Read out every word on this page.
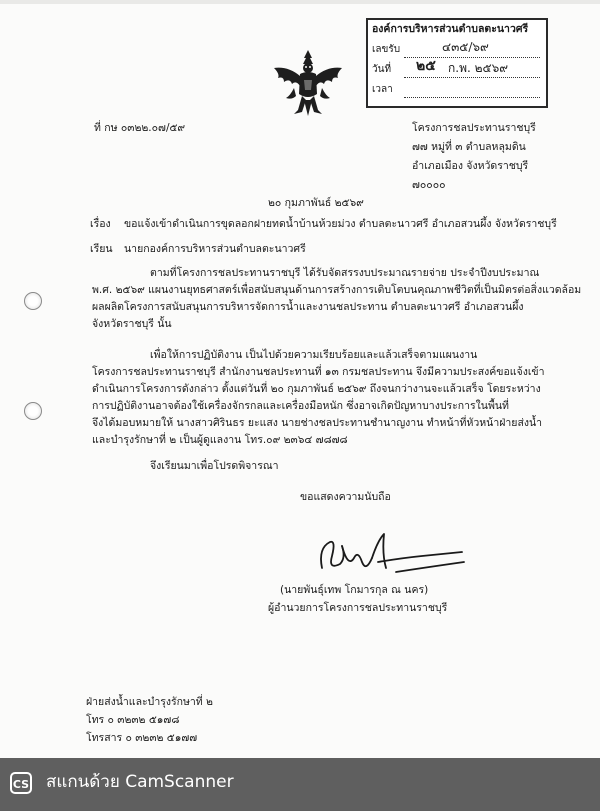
องค์การบริหารส่วนตำบลตะนาวศรี
เลขรับ	๔๓๕/๖๙
วันที่ ๒๕ ก.พ. ๒๕๖๙
เวลา
ที่ กษ ๐๓๒๒.๐๗/๕๙	โครงการชลประทานราชบุรี
๗๗ หมู่ที่ ๓ ตำบลหลุมดิน
อำเภอเมือง จังหวัดราชบุรี
๗๐๐๐๐
๒๐ กุมภาพันธ์ ๒๕๖๙
เรื่อง ขอแจ้งเข้าดำเนินการขุดลอกฝายทดน้ำบ้านห้วยม่วง ตำบลตะนาวศรี อำเภอสวนผึ้ง จังหวัดราชบุรี
เรียน นายกองค์การบริหารส่วนตำบลตะนาวศรี
ตามที่โครงการชลประทานราชบุรี ได้รับจัดสรรงบประมาณรายจ่าย ประจำปีงบประมาณ
พ.ศ. ๒๕๖๙ แผนงานยุทธศาสตร์เพื่อสนับสนุนด้านการสร้างการเติบโตบนคุณภาพชีวิตที่เป็นมิตรต่อสิ่งแวดล้อม
ผลผลิตโครงการสนับสนุนการบริหารจัดการน้ำและงานชลประทาน ตำบลตะนาวศรี อำเภอสวนผึ้ง
จังหวัดราชบุรี นั้น
เพื่อให้การปฏิบัติงาน เป็นไปด้วยความเรียบร้อยและแล้วเสร็จตามแผนงาน
โครงการชลประทานราชบุรี สำนักงานชลประทานที่ ๑๓ กรมชลประทาน จึงมีความประสงค์ขอแจ้งเข้า
ดำเนินการโครงการดังกล่าว ตั้งแต่วันที่ ๒๐ กุมภาพันธ์ ๒๕๖๙ ถึงจนกว่างานจะแล้วเสร็จ โดยระหว่าง
การปฏิบัติงานอาจต้องใช้เครื่องจักรกลและเครื่องมือหนัก ซึ่งอาจเกิดปัญหาบางประการในพื้นที่
จึงได้มอบหมายให้ นางสาวศิรินธร ยะแสง นายช่างชลประทานชำนาญงาน ทำหน้าที่หัวหน้าฝ่ายส่งน้ำ
และบำรุงรักษาที่ ๒ เป็นผู้ดูแลงาน โทร.๐๙ ๒๓๖๔ ๗๘๗๘
จึงเรียนมาเพื่อโปรดพิจารณา
ขอแสดงความนับถือ
(นายพันธุ์เทพ โกมารกุล ณ นคร)
ผู้อำนวยการโครงการชลประทานราชบุรี
ฝ่ายส่งน้ำและบำรุงรักษาที่ ๒
โทร ๐ ๓๒๓๒ ๕๑๗๘
โทรสาร ๐ ๓๒๓๒ ๕๑๗๗
CS สแกนด้วย CamScanner
